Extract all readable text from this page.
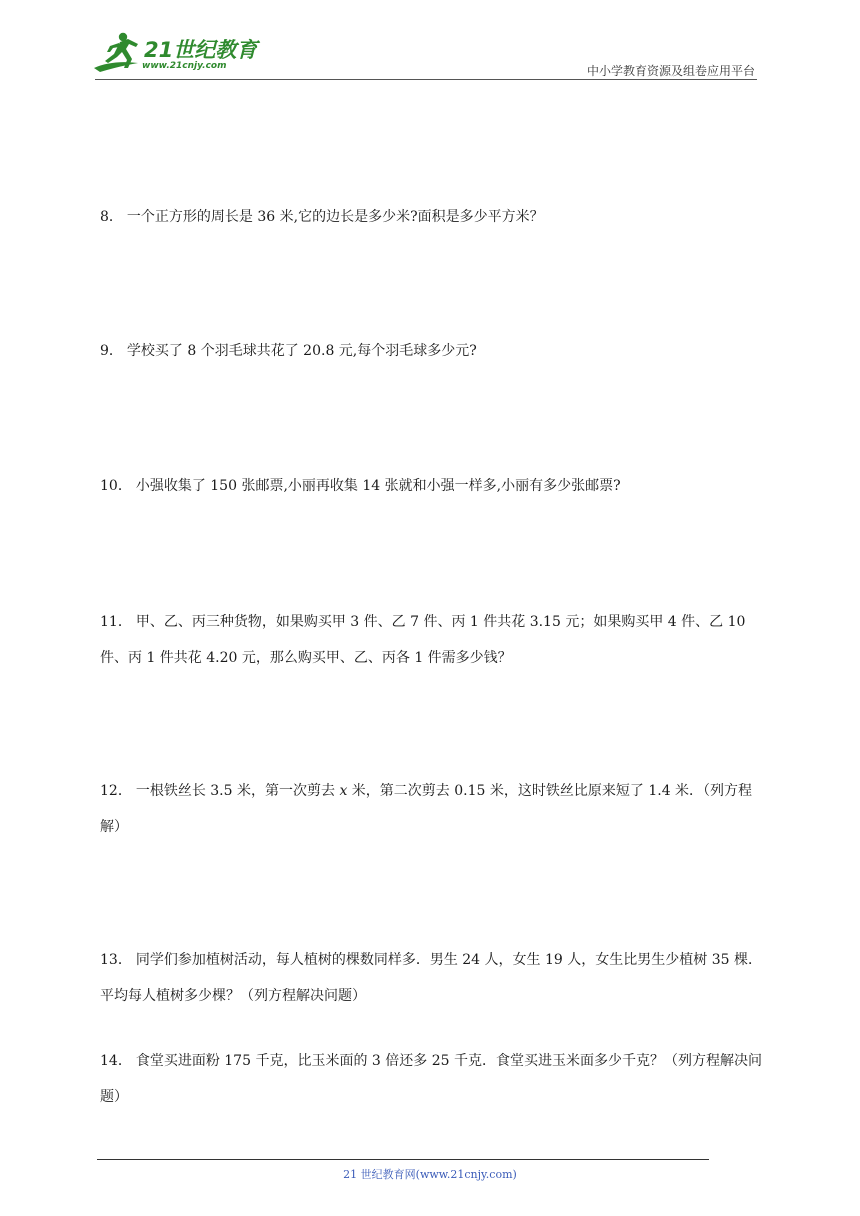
21世纪教育
www.21cnjy.com	中小学教育资源及组卷应用平台

8． 一个正方形的周长是 36 米,它的边长是多少米?面积是多少平方米？

9． 学校买了 8 个羽毛球共花了 20.8 元,每个羽毛球多少元?

10． 小强收集了 150 张邮票,小丽再收集 14 张就和小强一样多,小丽有多少张邮票?

11． 甲、乙、丙三种货物，如果购买甲 3 件、乙 7 件、丙 1 件共花 3.15 元；如果购买甲 4 件、乙 10 件、丙 1 件共花 4.20 元，那么购买甲、乙、丙各 1 件需多少钱？

12． 一根铁丝长 3.5 米，第一次剪去 x 米，第二次剪去 0.15 米，这时铁丝比原来短了 1.4 米．（列方程解）

13． 同学们参加植树活动，每人植树的棵数同样多．男生 24 人，女生 19 人，女生比男生少植树 35 棵．平均每人植树多少棵？（列方程解决问题）

14． 食堂买进面粉 175 千克，比玉米面的 3 倍还多 25 千克．食堂买进玉米面多少千克？（列方程解决问题）

21 世纪教育网(www.21cnjy.com)
